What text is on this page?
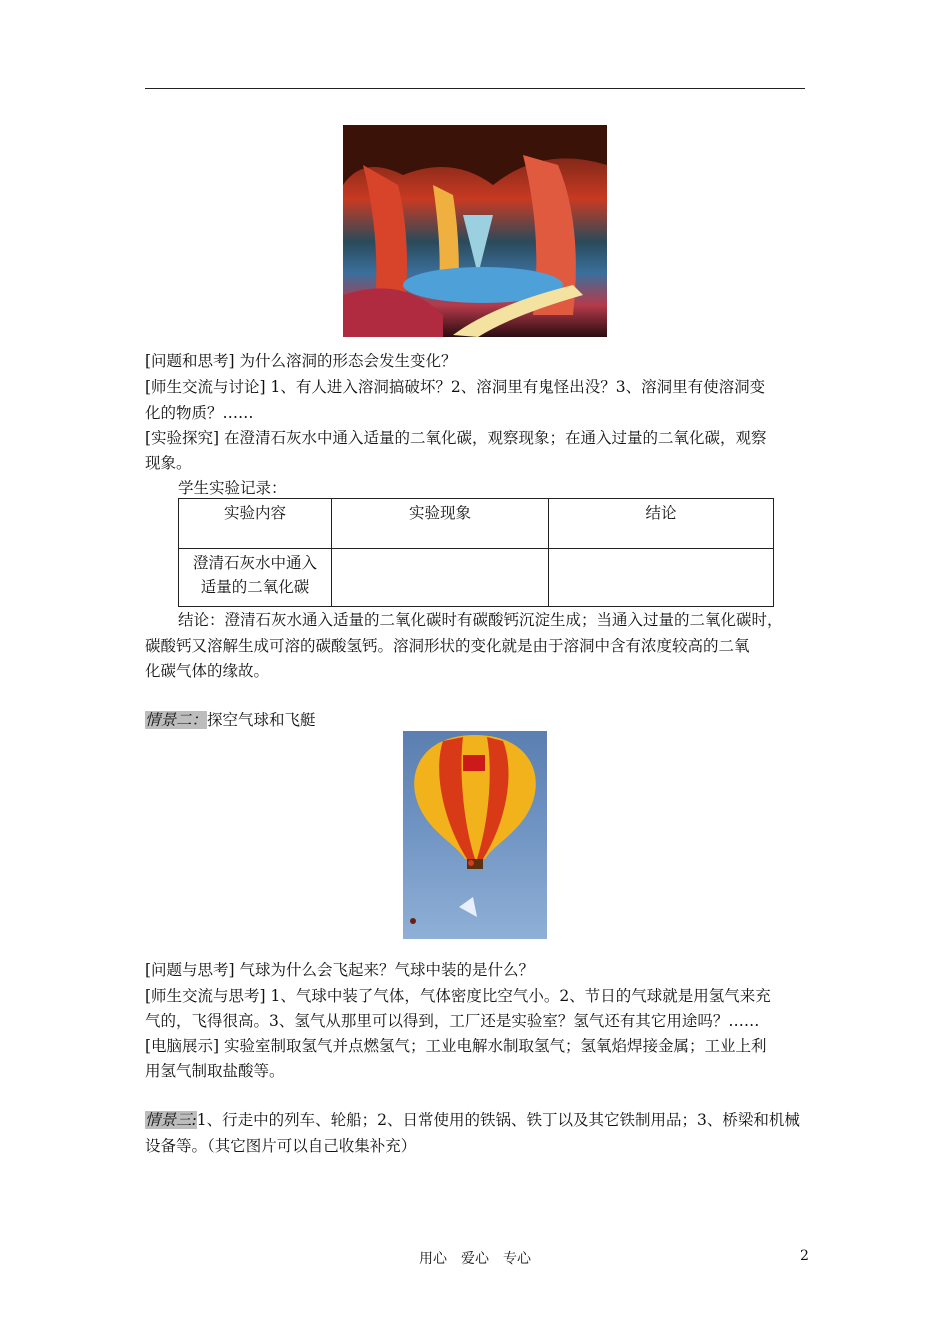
[问题和思考] 为什么溶洞的形态会发生变化？
[师生交流与讨论] 1、有人进入溶洞搞破坏？2、溶洞里有鬼怪出没？3、溶洞里有使溶洞变
化的物质？……
[实验探究] 在澄清石灰水中通入适量的二氧化碳，观察现象；在通入过量的二氧化碳，观察
现象。
学生实验记录：
实验内容	实验现象	结论

澄清石灰水中通入
适量的二氧化碳		

结论：澄清石灰水通入适量的二氧化碳时有碳酸钙沉淀生成；当通入过量的二氧化碳时，
碳酸钙又溶解生成可溶的碳酸氢钙。溶洞形状的变化就是由于溶洞中含有浓度较高的二氧
化碳气体的缘故。
情景二：探空气球和飞艇
[问题与思考] 气球为什么会飞起来？气球中装的是什么？
[师生交流与思考] 1、气球中装了气体，气体密度比空气小。2、节日的气球就是用氢气来充
气的，飞得很高。3、氢气从那里可以得到，工厂还是实验室？氢气还有其它用途吗？……
[电脑展示] 实验室制取氢气并点燃氢气；工业电解水制取氢气；氢氧焰焊接金属；工业上利
用氢气制取盐酸等。
情景三:1、行走中的列车、轮船；2、日常使用的铁锅、铁丁以及其它铁制用品；3、桥梁和机械
设备等。（其它图片可以自己收集补充）
用心　爱心　专心	2
